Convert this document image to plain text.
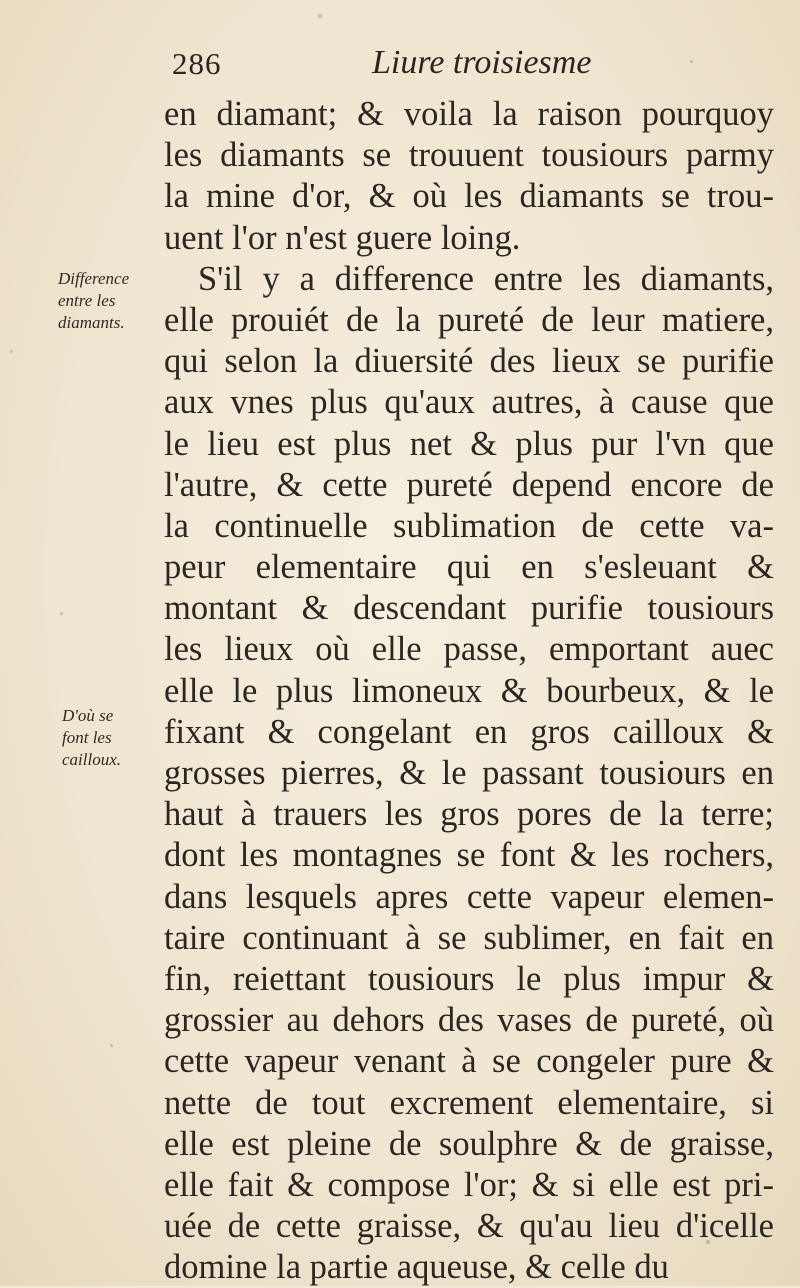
286	Liure troisiesme
Difference
entre les
diamants.
D'où se
font les
cailloux.
en diamant; & voila la raison pourquoy
les diamants se trouuent tousiours parmy
la mine d'or, & où les diamants se trou-
uent l'or n'est guere loing.
S'il y a difference entre les diamants,
elle prouiét de la pureté de leur matiere,
qui selon la diuersité des lieux se purifie
aux vnes plus qu'aux autres, à cause que
le lieu est plus net & plus pur l'vn que
l'autre, & cette pureté depend encore de
la continuelle sublimation de cette va-
peur elementaire qui en s'esleuant &
montant & descendant purifie tousiours
les lieux où elle passe, emportant auec
elle le plus limoneux & bourbeux, & le
fixant & congelant en gros cailloux &
grosses pierres, & le passant tousiours en
haut à trauers les gros pores de la terre;
dont les montagnes se font & les rochers,
dans lesquels apres cette vapeur elemen-
taire continuant à se sublimer, en fait en
fin, reiettant tousiours le plus impur &
grossier au dehors des vases de pureté, où
cette vapeur venant à se congeler pure &
nette de tout excrement elementaire, si
elle est pleine de soulphre & de graisse,
elle fait & compose l'or; & si elle est pri-
uée de cette graisse, & qu'au lieu d'icelle
domine la partie aqueuse, & celle du
